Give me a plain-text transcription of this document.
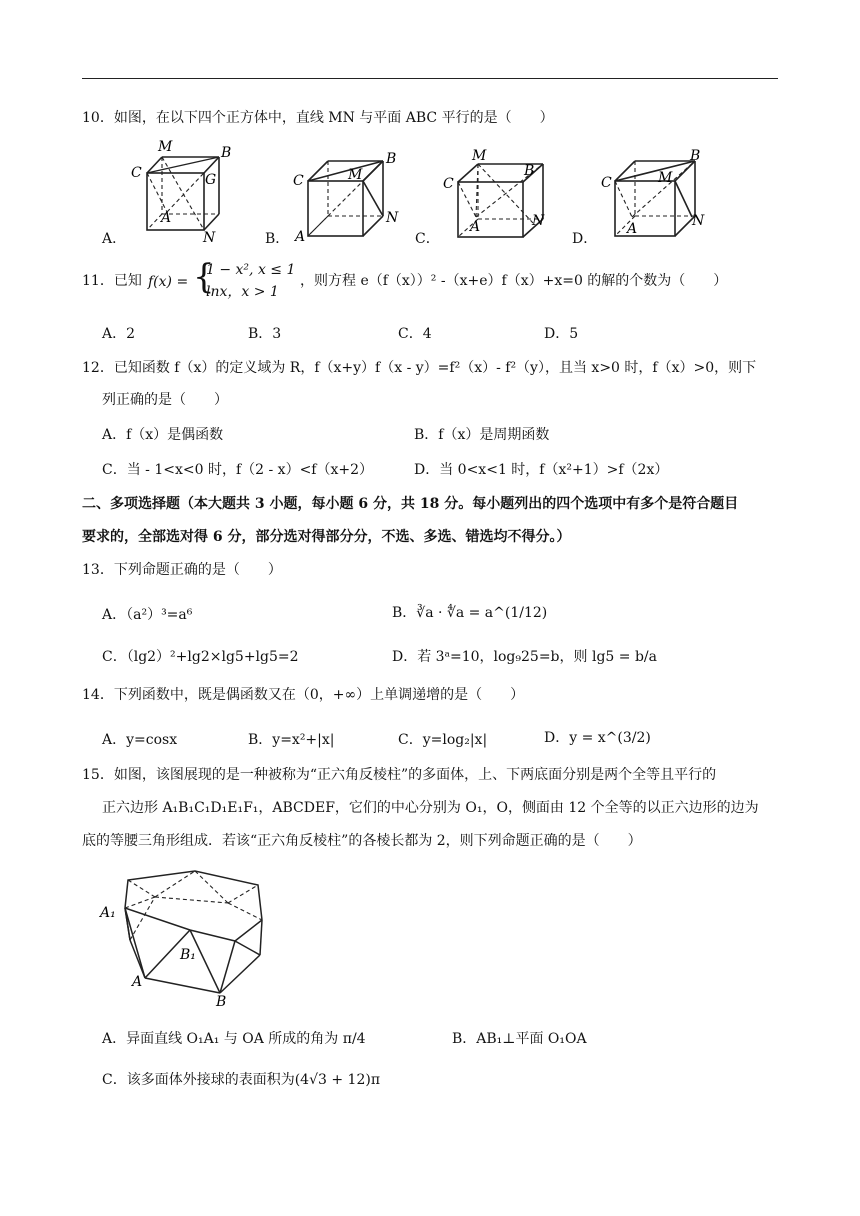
10．如图，在以下四个正方体中，直线 MN 与平面 ABC 平行的是（　　）
M	B
C	G
A
N
A．
M
B
C
A
N
B．
M
B
C
A	N
C．
M
B
C
A	N
D．
11．已知 f(x) = {
1 − x², x ≤ 1
lnx，x > 1
，则方程 e（f（x））² -（x+e）f（x）+x=0 的解的个数为（　　）
A．2	B．3	C．4	D．5
12．已知函数 f（x）的定义域为 R，f（x+y）f（x - y）=f²（x）- f²（y），且当 x>0 时，f（x）>0，则下
列正确的是（　　）
A．f（x）是偶函数	B．f（x）是周期函数
C．当 - 1<x<0 时，f（2 - x）<f（x+2）	D．当 0<x<1 时，f（x²+1）>f（2x）
二、多项选择题（本大题共 3 小题，每小题 6 分，共 18 分。每小题列出的四个选项中有多个是符合题目
要求的，全部选对得 6 分，部分选对得部分分，不选、多选、错选均不得分。）
13．下列命题正确的是（　　）
A．（a²）³=a⁶	B．∛a · ∜a = a^(1/12)
C．（lg2）²+lg2×lg5+lg5=2	D．若 3ᵃ=10，log₉25=b，则 lg5 = b/a
14．下列函数中，既是偶函数又在（0，+∞）上单调递增的是（　　）
A．y=cosx	B．y=x²+|x|	C．y=log₂|x|	D．y = x^(3/2)
15．如图，该图展现的是一种被称为“正六角反棱柱”的多面体，上、下两底面分别是两个全等且平行的
正六边形 A₁B₁C₁D₁E₁F₁，ABCDEF，它们的中心分别为 O₁，O，侧面由 12 个全等的以正六边形的边为
底的等腰三角形组成．若该“正六角反棱柱”的各棱长都为 2，则下列命题正确的是（　　）
A₁
B₁
A
B
A．异面直线 O₁A₁ 与 OA 所成的角为 π/4	B．AB₁⊥平面 O₁OA
C．该多面体外接球的表面积为(4√3 + 12)π
